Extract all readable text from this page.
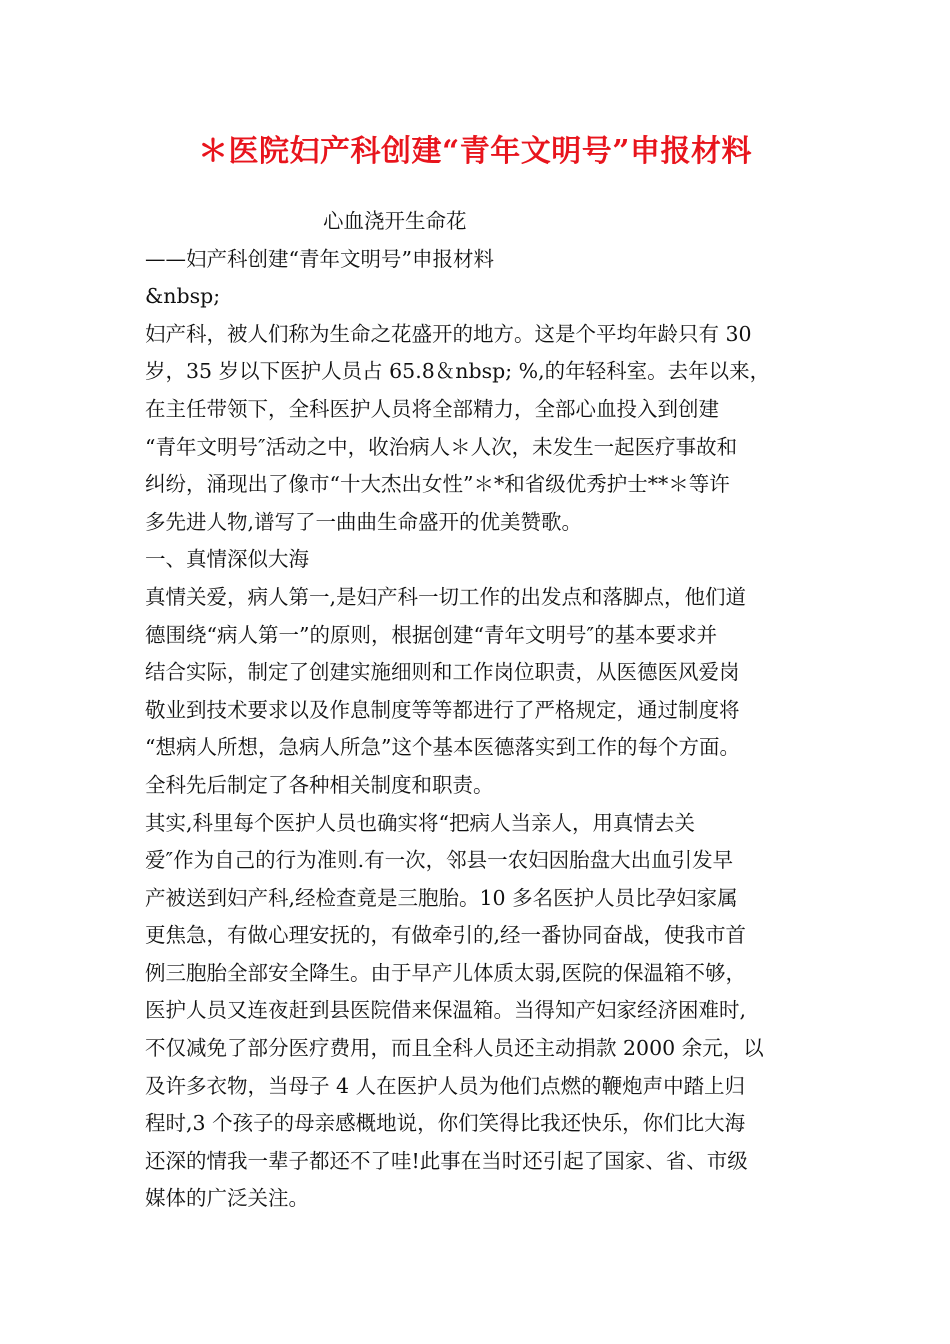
＊医院妇产科创建“青年文明号”申报材料
心血浇开生命花
——妇产科创建“青年文明号”申报材料
&nbsp;
妇产科，被人们称为生命之花盛开的地方。这是个平均年龄只有 30
岁，35 岁以下医护人员占 65.8＆nbsp; %,的年轻科室。去年以来，
在主任带领下，全科医护人员将全部精力，全部心血投入到创建
“青年文明号″活动之中，收治病人＊人次，未发生一起医疗事故和
纠纷，涌现出了像市“十大杰出女性”＊*和省级优秀护士**＊等许
多先进人物,谱写了一曲曲生命盛开的优美赞歌。
一、真情深似大海
真情关爱，病人第一,是妇产科一切工作的出发点和落脚点，他们道
德围绕“病人第一”的原则，根据创建“青年文明号″的基本要求并
结合实际，制定了创建实施细则和工作岗位职责，从医德医风爱岗
敬业到技术要求以及作息制度等等都进行了严格规定，通过制度将
“想病人所想，急病人所急”这个基本医德落实到工作的每个方面。
全科先后制定了各种相关制度和职责。
其实,科里每个医护人员也确实将“把病人当亲人，用真情去关
爱″作为自己的行为准则.有一次，邻县一农妇因胎盘大出血引发早
产被送到妇产科,经检查竟是三胞胎。10 多名医护人员比孕妇家属
更焦急，有做心理安抚的，有做牵引的,经一番协同奋战，使我市首
例三胞胎全部安全降生。由于早产儿体质太弱,医院的保温箱不够，
医护人员又连夜赶到县医院借来保温箱。当得知产妇家经济困难时,
不仅减免了部分医疗费用，而且全科人员还主动捐款 2000 余元，以
及许多衣物，当母子 4 人在医护人员为他们点燃的鞭炮声中踏上归
程时,3 个孩子的母亲感概地说，你们笑得比我还快乐，你们比大海
还深的情我一辈子都还不了哇!此事在当时还引起了国家、省、市级
媒体的广泛关注。
